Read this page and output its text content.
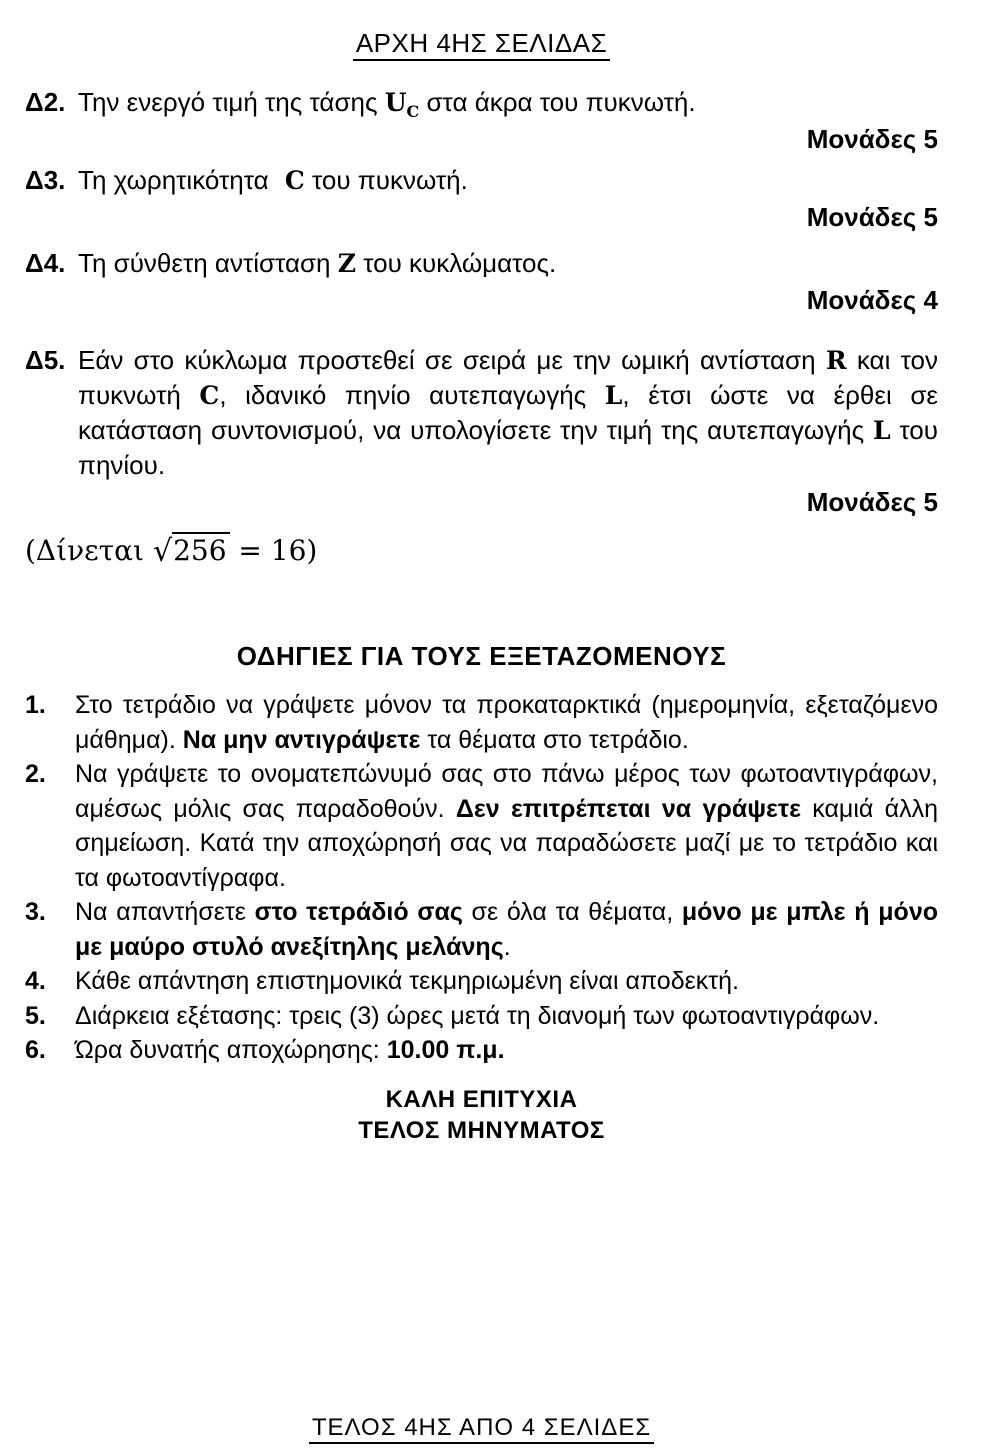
ΑΡΧΗ 4ΗΣ ΣΕΛΙΔΑΣ
Δ2. Την ενεργό τιμή της τάσης $U_C$ στα άκρα του πυκνωτή.

Μονάδες 5
Δ3. Τη χωρητικότητα C του πυκνωτή.

Μονάδες 5
Δ4. Τη σύνθετη αντίσταση Z του κυκλώματος.

Μονάδες 4
Δ5. Εάν στο κύκλωμα προστεθεί σε σειρά με την ωμική αντίσταση R και τον πυκνωτή C, ιδανικό πηνίο αυτεπαγωγής L, έτσι ώστε να έρθει σε κατάσταση συντονισμού, να υπολογίσετε την τιμή της αυτεπαγωγής L του πηνίου.

Μονάδες 5
(Δίνεται √256 = 16)
ΟΔΗΓΙΕΣ ΓΙΑ ΤΟΥΣ ΕΞΕΤΑΖΟΜΕΝΟΥΣ
1.	Στο τετράδιο να γράψετε μόνον τα προκαταρκτικά (ημερομηνία, εξεταζόμενο μάθημα). Να μην αντιγράψετε τα θέματα στο τετράδιο.

2.	Να γράψετε το ονοματεπώνυμό σας στο πάνω μέρος των φωτοαντιγράφων, αμέσως μόλις σας παραδοθούν. Δεν επιτρέπεται να γράψετε καμιά άλλη σημείωση. Κατά την αποχώρησή σας να παραδώσετε μαζί με το τετράδιο και τα φωτοαντίγραφα.

3.	Να απαντήσετε στο τετράδιό σας σε όλα τα θέματα, μόνο με μπλε ή μόνο με μαύρο στυλό ανεξίτηλης μελάνης.

4.	Κάθε απάντηση επιστημονικά τεκμηριωμένη είναι αποδεκτή.

5.	Διάρκεια εξέτασης: τρεις (3) ώρες μετά τη διανομή των φωτοαντιγράφων.

6.	Ώρα δυνατής αποχώρησης: 10.00 π.μ.

ΚΑΛΗ ΕΠΙΤΥΧΙΑ
ΤΕΛΟΣ ΜΗΝΥΜΑΤΟΣ
ΤΕΛΟΣ 4ΗΣ ΑΠΟ 4 ΣΕΛΙΔΕΣ
